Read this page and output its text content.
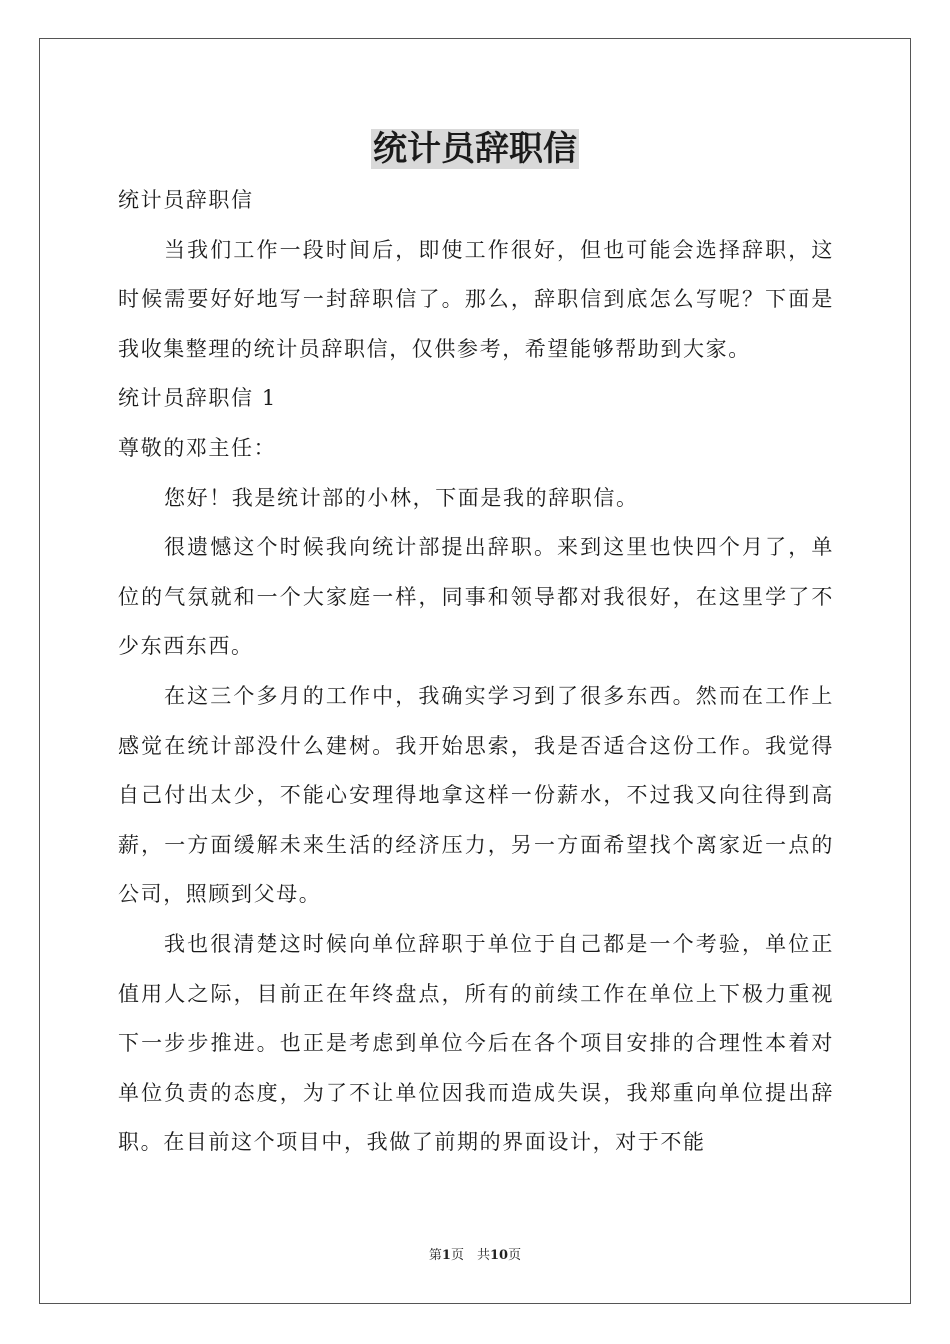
统计员辞职信

统计员辞职信

当我们工作一段时间后，即使工作很好，但也可能会选择辞职，这时候需要好好地写一封辞职信了。那么，辞职信到底怎么写呢？下面是我收集整理的统计员辞职信，仅供参考，希望能够帮助到大家。

统计员辞职信 1

尊敬的邓主任：

您好！我是统计部的小林，下面是我的辞职信。

很遗憾这个时候我向统计部提出辞职。来到这里也快四个月了，单位的气氛就和一个大家庭一样，同事和领导都对我很好，在这里学了不少东西东西。

在这三个多月的工作中，我确实学习到了很多东西。然而在工作上感觉在统计部没什么建树。我开始思索，我是否适合这份工作。我觉得自己付出太少，不能心安理得地拿这样一份薪水，不过我又向往得到高薪，一方面缓解未来生活的经济压力，另一方面希望找个离家近一点的公司，照顾到父母。

我也很清楚这时候向单位辞职于单位于自己都是一个考验，单位正值用人之际，目前正在年终盘点，所有的前续工作在单位上下极力重视下一步步推进。也正是考虑到单位今后在各个项目安排的合理性本着对单位负责的态度，为了不让单位因我而造成失误，我郑重向单位提出辞职。在目前这个项目中，我做了前期的界面设计，对于不能

第1页　共10页
